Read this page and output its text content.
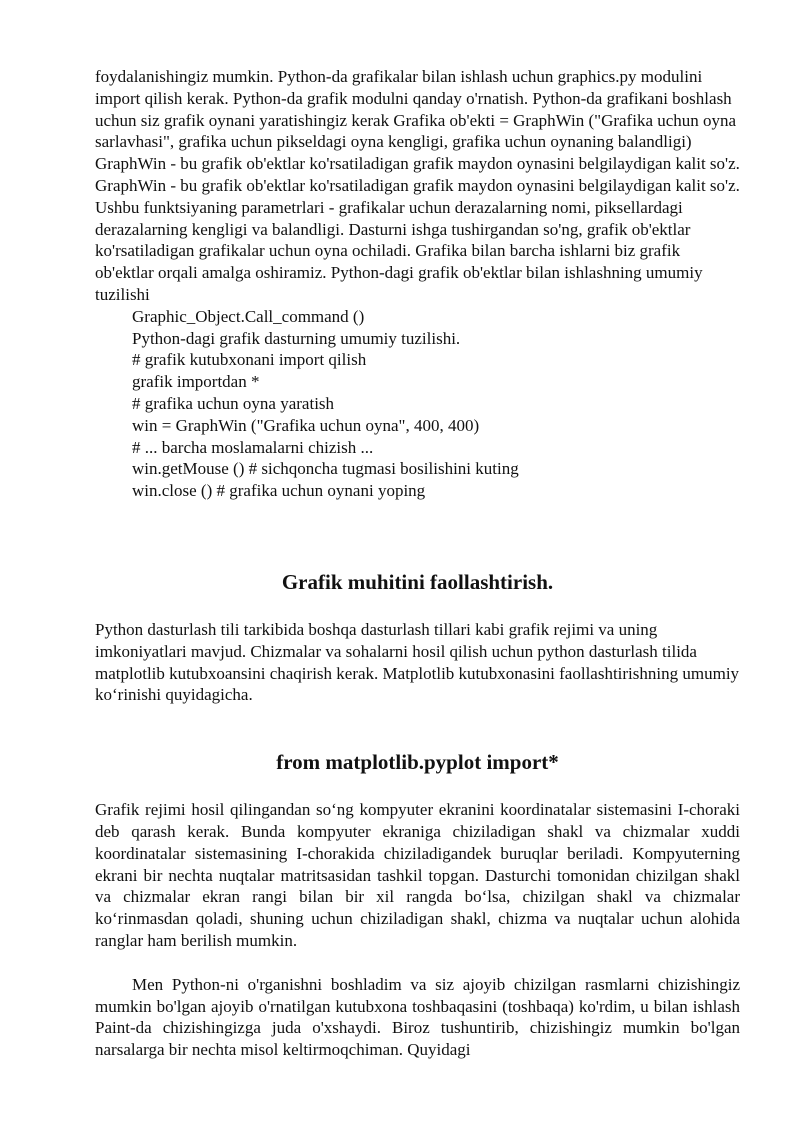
foydalanishingiz mumkin. Python-da grafikalar bilan ishlash uchun graphics.py modulini import qilish kerak. Python-da grafik modulni qanday o'rnatish. Python-da grafikani boshlash uchun siz grafik oynani yaratishingiz kerak Grafika ob'ekti = GraphWin ("Grafika uchun oyna sarlavhasi", grafika uchun pikseldagi oyna kengligi, grafika uchun oynaning balandligi) GraphWin - bu grafik ob'ektlar ko'rsatiladigan grafik maydon oynasini belgilaydigan kalit so'z. GraphWin - bu grafik ob'ektlar ko'rsatiladigan grafik maydon oynasini belgilaydigan kalit so'z. Ushbu funktsiyaning parametrlari - grafikalar uchun derazalarning nomi, piksellardagi derazalarning kengligi va balandligi. Dasturni ishga tushirgandan so'ng, grafik ob'ektlar ko'rsatiladigan grafikalar uchun oyna ochiladi. Grafika bilan barcha ishlarni biz grafik ob'ektlar orqali amalga oshiramiz. Python-dagi grafik ob'ektlar bilan ishlashning umumiy tuzilishi

Graphic_Object.Call_command ()
Python-dagi grafik dasturning umumiy tuzilishi.
# grafik kutubxonani import qilish
grafik importdan *
# grafika uchun oyna yaratish
win = GraphWin ("Grafika uchun oyna", 400, 400)
# ... barcha moslamalarni chizish ...
win.getMouse () # sichqoncha tugmasi bosilishini kuting
win.close () # grafika uchun oynani yoping
Grafik muhitini faollashtirish.

Python dasturlash tili tarkibida boshqa dasturlash tillari kabi grafik rejimi va uning imkoniyatlari mavjud. Chizmalar va sohalarni hosil qilish uchun python dasturlash tilida matplotlib kutubxoansini chaqirish kerak. Matplotlib kutubxonasini faollashtirishning umumiy ko‘rinishi quyidagicha.

from matplotlib.pyplot import*

Grafik rejimi hosil qilingandan so‘ng kompyuter ekranini koordinatalar sistemasini I-choraki deb qarash kerak. Bunda kompyuter ekraniga chiziladigan shakl va chizmalar xuddi koordinatalar sistemasining I-chorakida chiziladigandek buruqlar beriladi. Kompyuterning ekrani bir nechta nuqtalar matritsasidan tashkil topgan. Dasturchi tomonidan chizilgan shakl va chizmalar ekran rangi bilan bir xil rangda bo‘lsa, chizilgan shakl va chizmalar ko‘rinmasdan qoladi, shuning uchun chiziladigan shakl, chizma va nuqtalar uchun alohida ranglar ham berilish mumkin.

Men Python-ni o'rganishni boshladim va siz ajoyib chizilgan rasmlarni chizishingiz mumkin bo'lgan ajoyib o'rnatilgan kutubxona toshbaqasini (toshbaqa) ko'rdim, u bilan ishlash Paint-da chizishingizga juda o'xshaydi. Biroz tushuntirib, chizishingiz mumkin bo'lgan narsalarga bir nechta misol keltirmoqchiman. Quyidagi
